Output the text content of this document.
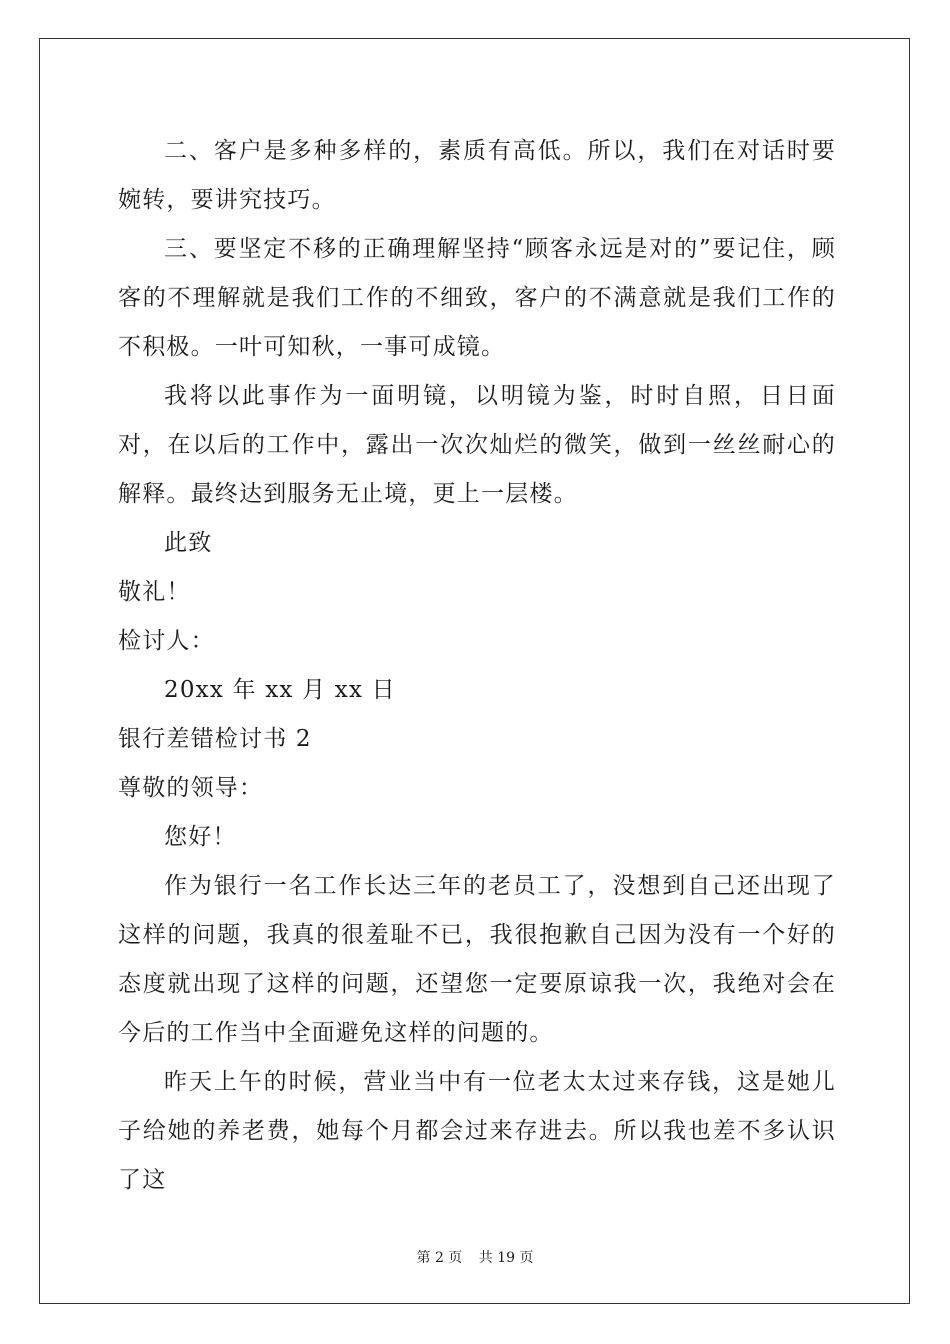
二、客户是多种多样的，素质有高低。所以，我们在对话时要婉转，要讲究技巧。

三、要坚定不移的正确理解坚持“顾客永远是对的”要记住，顾客的不理解就是我们工作的不细致，客户的不满意就是我们工作的不积极。一叶可知秋，一事可成镜。

我将以此事作为一面明镜，以明镜为鉴，时时自照，日日面对，在以后的工作中，露出一次次灿烂的微笑，做到一丝丝耐心的解释。最终达到服务无止境，更上一层楼。

此致

敬礼！

检讨人：

20xx 年 xx 月 xx 日

银行差错检讨书 2

尊敬的领导：

您好！

作为银行一名工作长达三年的老员工了，没想到自己还出现了这样的问题，我真的很羞耻不已，我很抱歉自己因为没有一个好的态度就出现了这样的问题，还望您一定要原谅我一次，我绝对会在今后的工作当中全面避免这样的问题的。

昨天上午的时候，营业当中有一位老太太过来存钱，这是她儿子给她的养老费，她每个月都会过来存进去。所以我也差不多认识了这

第 2 页 共 19 页
